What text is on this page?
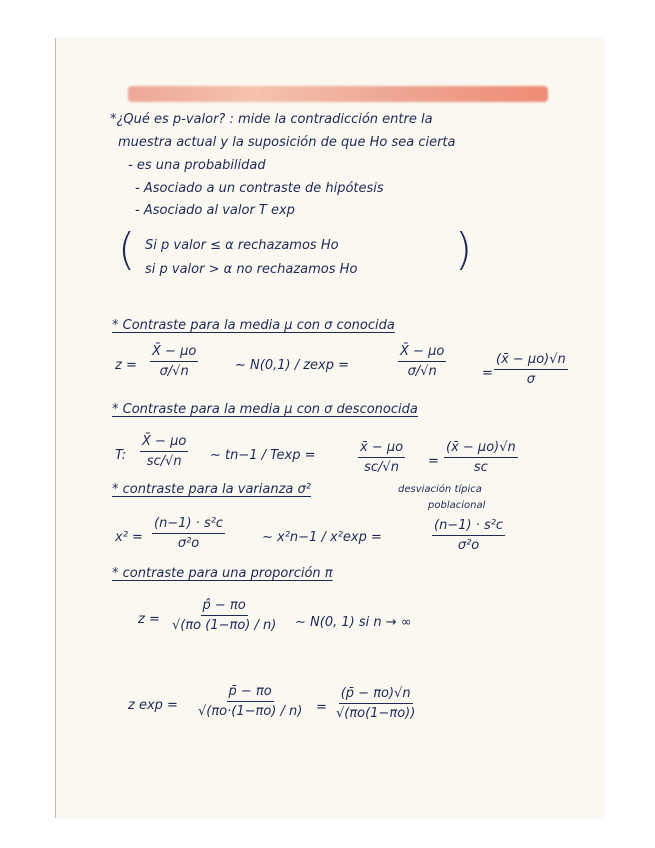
*¿Qué es p-valor? : mide la contradicción entre la
muestra actual y la suposición de que Ho sea cierta
- es una probabilidad
- Asociado a un contraste de hipótesis
- Asociado al valor T exp
( Si p valor ≤ α rechazamos Ho
si p valor > α no rechazamos Ho )
* Contraste para la media μ con σ conocida
$z = \frac{X̄ - \mu o}{\sigma/√n}$	∼ N(0,1) / zexp =	$\frac{X̄ - \mu o}{\sigma/√n}$	= $\frac{(x̄ - \mu o)√n}{\sigma}$
* Contraste para la media μ con σ desconocida
T: $\frac{X̄ - \mu o}{sc/√n}$ ∼ tn−1 / Texp =	$\frac{x̄ - \mu o}{sc/√n} = \frac{(x̄ - \mu o)√n}{sc}$
* contraste para la varianza σ²	desviación típica
poblacional
$x^2 = \frac{\text{(n−1) · s²c}}{\text{σ²o}}$	∼ x²n−1 / x²exp =	$\frac{\text{(n−1) · s²c}}{\text{σ²o}}$
* contraste para una proporción π
$z = \frac{p̂ - \pi o}{√(\pi o (1-\pi o) / n)}$ ∼ N(0, 1) si n → ∞
z $\exp = \frac{p̄ - \pi o}{√(\pi o\cdot(1-\pi o) / n)} = \frac{(p̄ - \pi o)√n}{√(\pi o(1-\pi o))}$
